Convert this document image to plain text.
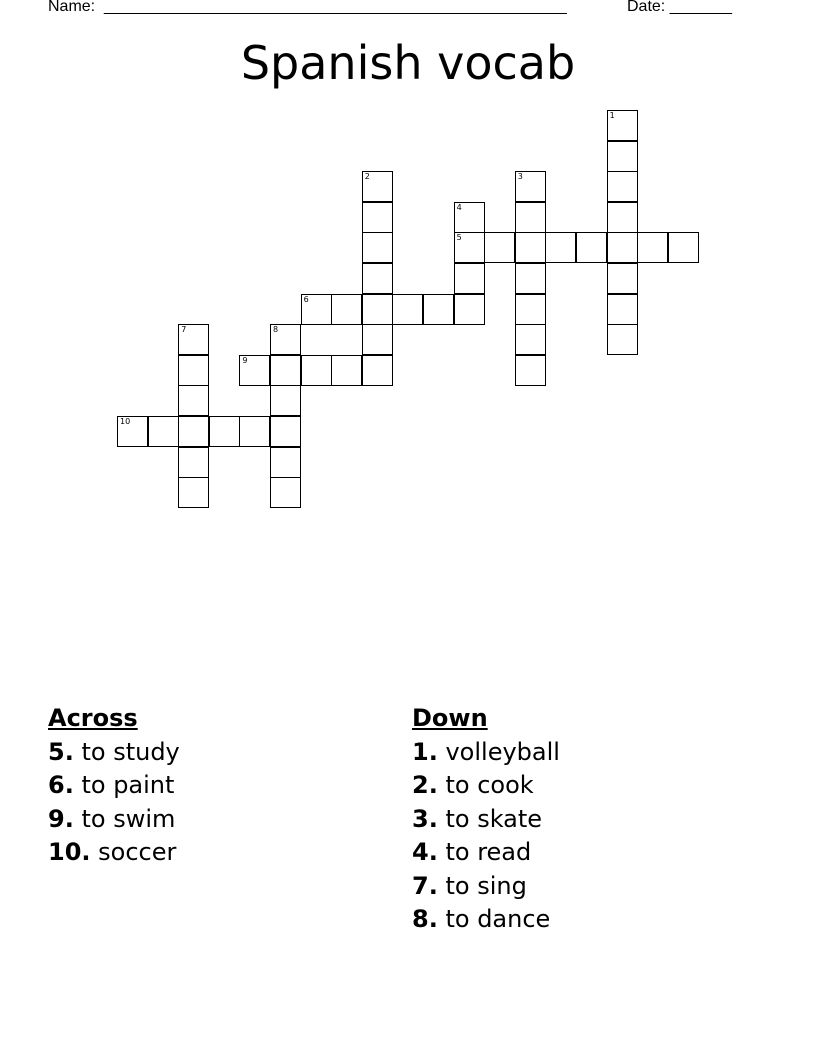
Name: ____________________________________________________	Date: _______
Spanish vocab
1
2	3
4
5
6
7	8
9
10
Across
5. to study
6. to paint
9. to swim
10. soccer
Down
1. volleyball
2. to cook
3. to skate
4. to read
7. to sing
8. to dance
